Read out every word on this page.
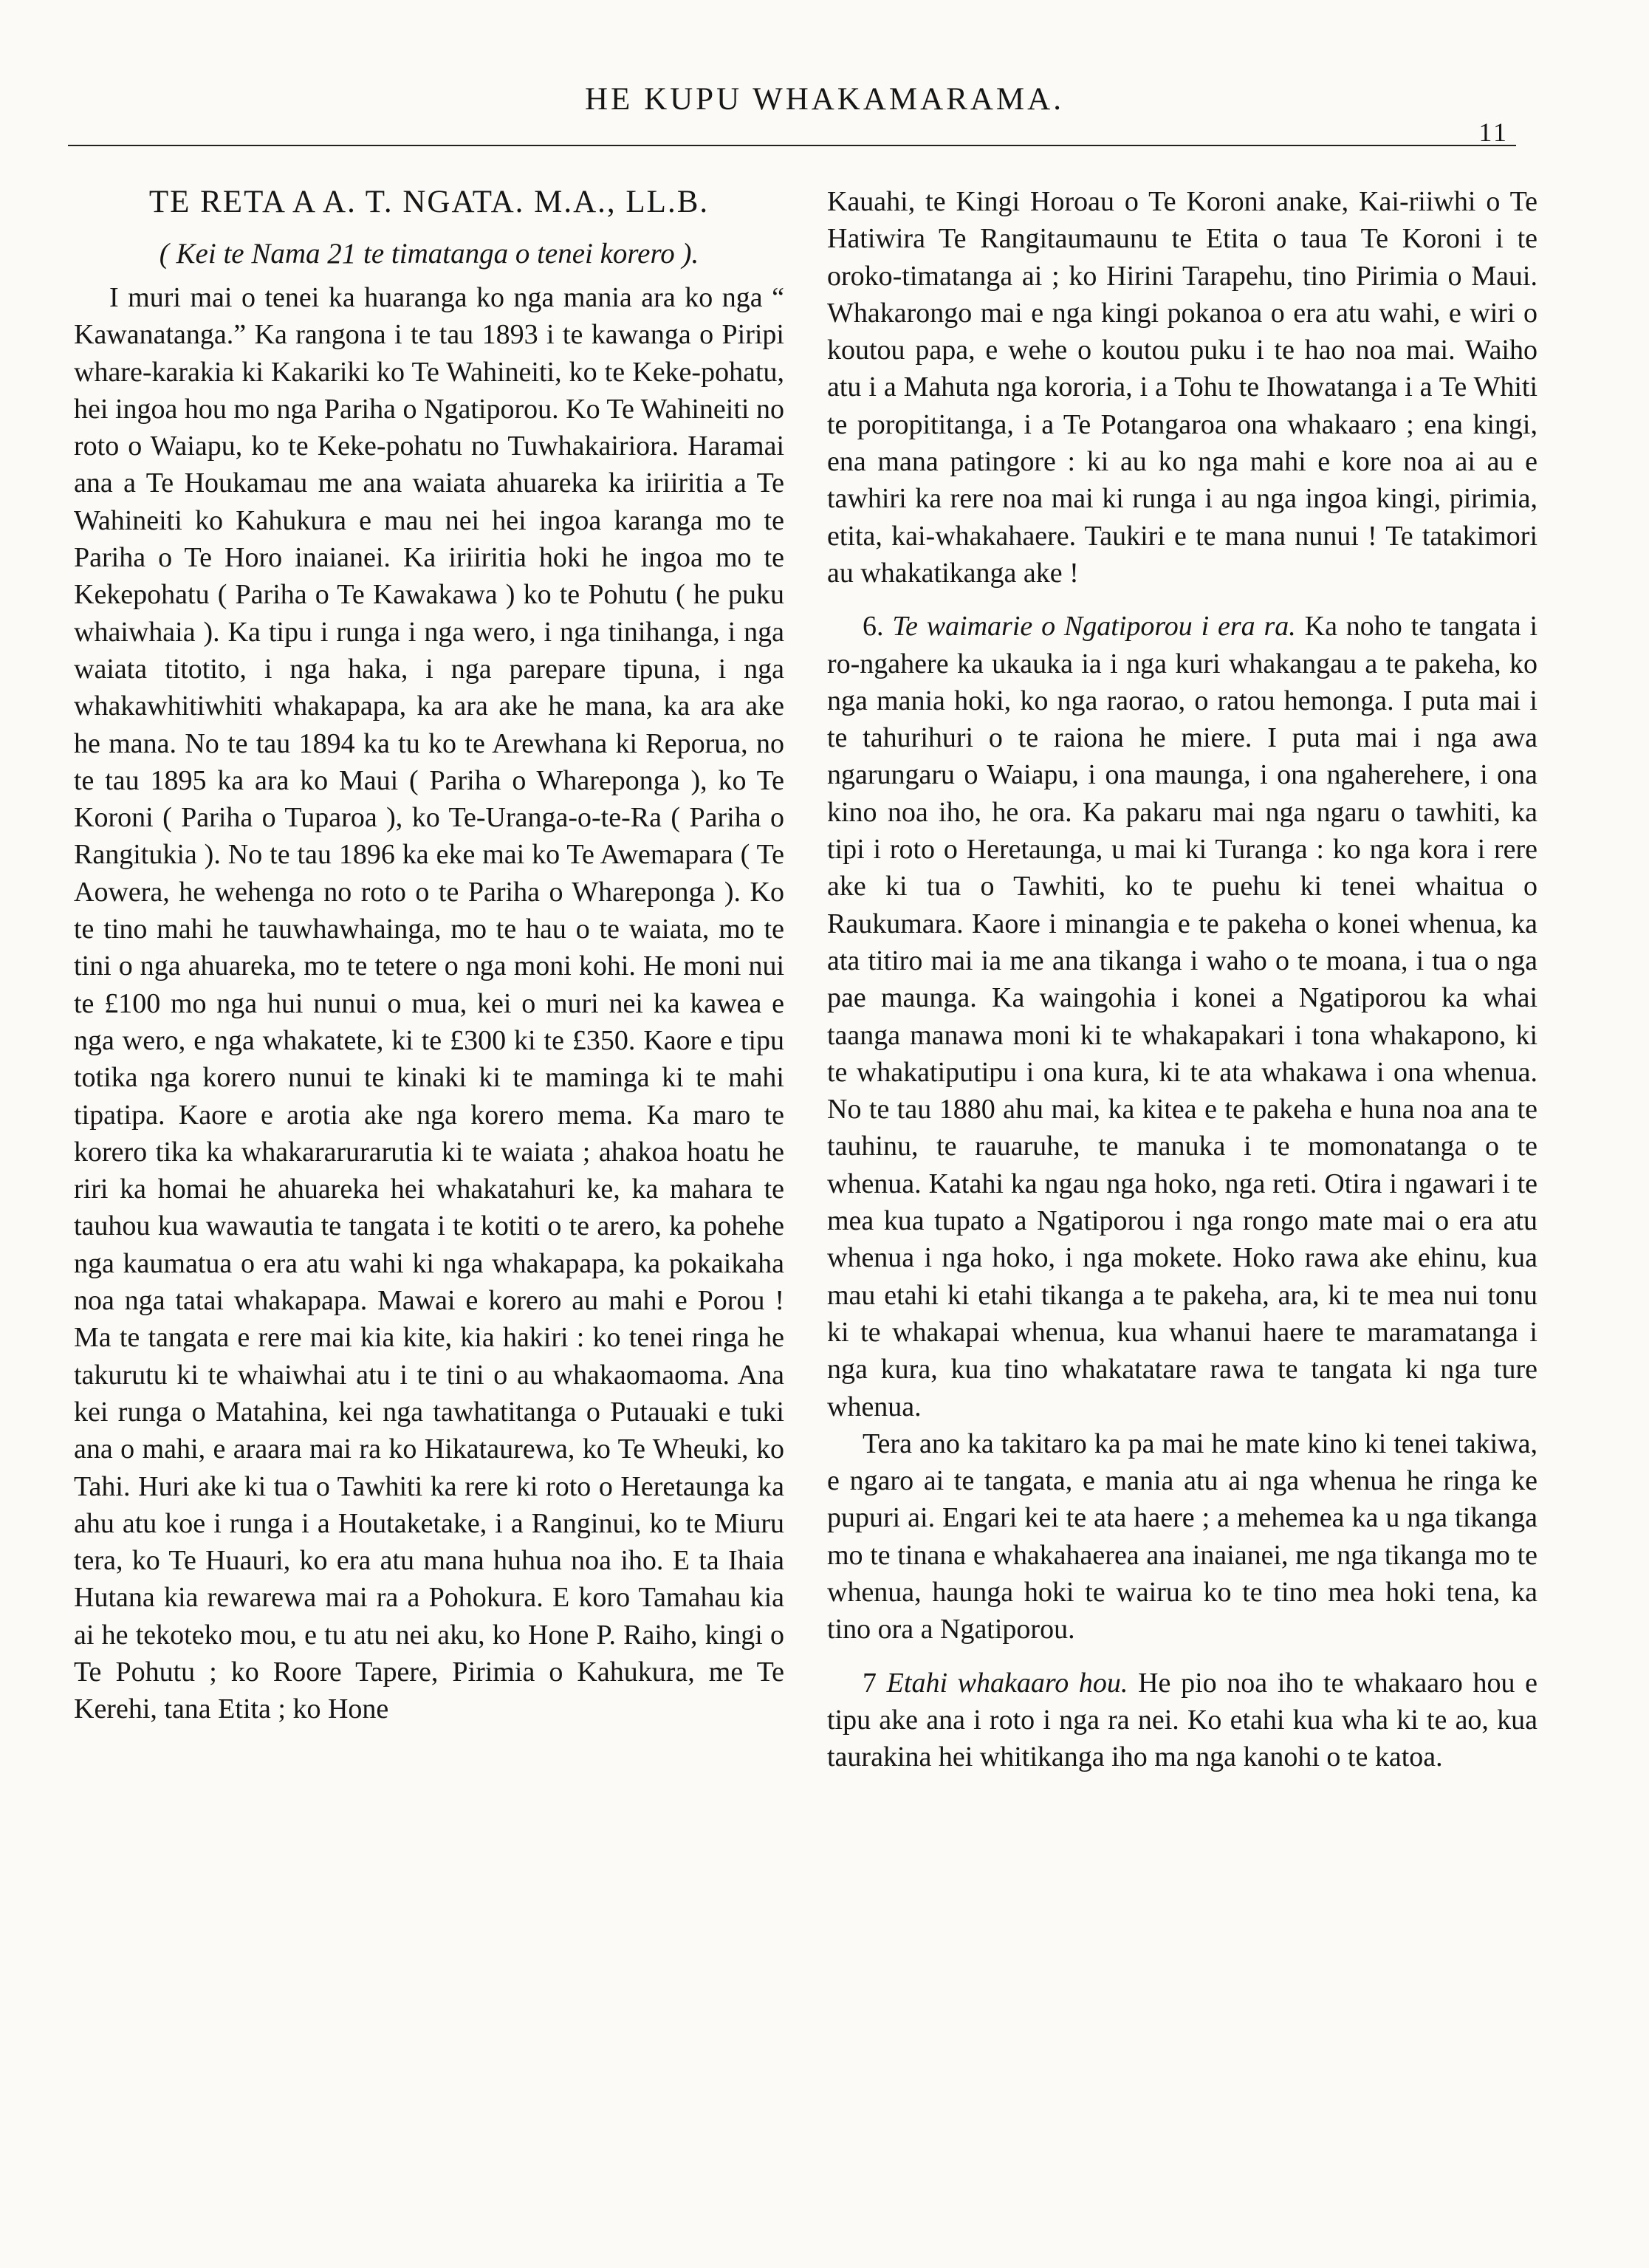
HE KUPU WHAKAMARAMA.
11
TE RETA A A. T. NGATA. M.A., LL.B.
( Kei te Nama 21 te timatanga o tenei korero ).

I muri mai o tenei ka huaranga ko nga mania ara ko nga “ Kawanatanga.” Ka rangona i te tau 1893 i te kawanga o Piripi whare-karakia ki Kakariki ko Te Wahineiti, ko te Keke-pohatu, hei ingoa hou mo nga Pariha o Ngatiporou. Ko Te Wahineiti no roto o Waiapu, ko te Keke-pohatu no Tuwhakairiora. Haramai ana a Te Houkamau me ana waiata ahuareka ka iriiritia a Te Wahineiti ko Kahukura e mau nei hei ingoa karanga mo te Pariha o Te Horo inaianei. Ka iriiritia hoki he ingoa mo te Kekepohatu ( Pariha o Te Kawakawa ) ko te Pohutu ( he puku whaiwhaia ). Ka tipu i runga i nga wero, i nga tinihanga, i nga waiata titotito, i nga haka, i nga parepare tipuna, i nga whakawhitiwhiti whakapapa, ka ara ake he mana, ka ara ake he mana. No te tau 1894 ka tu ko te Arewhana ki Reporua, no te tau 1895 ka ara ko Maui ( Pariha o Whareponga ), ko Te Koroni ( Pariha o Tuparoa ), ko Te-Uranga-o-te-Ra ( Pariha o Rangitukia ). No te tau 1896 ka eke mai ko Te Awemapara ( Te Aowera, he wehenga no roto o te Pariha o Whareponga ). Ko te tino mahi he tauwhawhainga, mo te hau o te waiata, mo te tini o nga ahuareka, mo te tetere o nga moni kohi. He moni nui te £100 mo nga hui nunui o mua, kei o muri nei ka kawea e nga wero, e nga whakatete, ki te £300 ki te £350. Kaore e tipu totika nga korero nunui te kinaki ki te maminga ki te mahi tipatipa. Kaore e arotia ake nga korero mema. Ka maro te korero tika ka whakararurarutia ki te waiata ; ahakoa hoatu he riri ka homai he ahuareka hei whakatahuri ke, ka mahara te tauhou kua wawautia te tangata i te kotiti o te arero, ka pohehe nga kaumatua o era atu wahi ki nga whakapapa, ka pokaikaha noa nga tatai whakapapa. Mawai e korero au mahi e Porou ! Ma te tangata e rere mai kia kite, kia hakiri : ko tenei ringa he takurutu ki te whaiwhai atu i te tini o au whakaomaoma. Ana kei runga o Matahina, kei nga tawhatitanga o Putauaki e tuki ana o mahi, e araara mai ra ko Hikataurewa, ko Te Wheuki, ko Tahi. Huri ake ki tua o Tawhiti ka rere ki roto o Heretaunga ka ahu atu koe i runga i a Houtaketake, i a Ranginui, ko te Miuru tera, ko Te Huauri, ko era atu mana huhua noa iho. E ta Ihaia Hutana kia rewarewa mai ra a Pohokura. E koro Tamahau kia ai he tekoteko mou, e tu atu nei aku, ko Hone P. Raiho, kingi o Te Pohutu ; ko Roore Tapere, Pirimia o Kahukura, me Te Kerehi, tana Etita ; ko Hone

Kauahi, te Kingi Horoau o Te Koroni anake, Kai-riiwhi o Te Hatiwira Te Rangitaumaunu te Etita o taua Te Koroni i te oroko-timatanga ai ; ko Hirini Tarapehu, tino Pirimia o Maui. Whakarongo mai e nga kingi pokanoa o era atu wahi, e wiri o koutou papa, e wehe o koutou puku i te hao noa mai. Waiho atu i a Mahuta nga kororia, i a Tohu te Ihowatanga i a Te Whiti te poropititanga, i a Te Potangaroa ona whakaaro ; ena kingi, ena mana patingore : ki au ko nga mahi e kore noa ai au e tawhiri ka rere noa mai ki runga i au nga ingoa kingi, pirimia, etita, kai-whakahaere. Taukiri e te mana nunui ! Te tatakimori au whakatikanga ake !

6. Te waimarie o Ngatiporou i era ra. Ka noho te tangata i ro-ngahere ka ukauka ia i nga kuri whakangau a te pakeha, ko nga mania hoki, ko nga raorao, o ratou hemonga. I puta mai i te tahurihuri o te raiona he miere. I puta mai i nga awa ngarungaru o Waiapu, i ona maunga, i ona ngaherehere, i ona kino noa iho, he ora. Ka pakaru mai nga ngaru o tawhiti, ka tipi i roto o Heretaunga, u mai ki Turanga : ko nga kora i rere ake ki tua o Tawhiti, ko te puehu ki tenei whaitua o Raukumara. Kaore i minangia e te pakeha o konei whenua, ka ata titiro mai ia me ana tikanga i waho o te moana, i tua o nga pae maunga. Ka waingohia i konei a Ngatiporou ka whai taanga manawa moni ki te whakapakari i tona whakapono, ki te whakatiputipu i ona kura, ki te ata whakawa i ona whenua. No te tau 1880 ahu mai, ka kitea e te pakeha e huna noa ana te tauhinu, te rauaruhe, te manuka i te momonatanga o te whenua. Katahi ka ngau nga hoko, nga reti. Otira i ngawari i te mea kua tupato a Ngatiporou i nga rongo mate mai o era atu whenua i nga hoko, i nga mokete. Hoko rawa ake ehinu, kua mau etahi ki etahi tikanga a te pakeha, ara, ki te mea nui tonu ki te whakapai whenua, kua whanui haere te maramatanga i nga kura, kua tino whakatatare rawa te tangata ki nga ture whenua.

Tera ano ka takitaro ka pa mai he mate kino ki tenei takiwa, e ngaro ai te tangata, e mania atu ai nga whenua he ringa ke pupuri ai. Engari kei te ata haere ; a mehemea ka u nga tikanga mo te tinana e whakahaerea ana inaianei, me nga tikanga mo te whenua, haunga hoki te wairua ko te tino mea hoki tena, ka tino ora a Ngatiporou.

7 Etahi whakaaro hou. He pio noa iho te whakaaro hou e tipu ake ana i roto i nga ra nei. Ko etahi kua wha ki te ao, kua taurakina hei whitikanga iho ma nga kanohi o te katoa.
